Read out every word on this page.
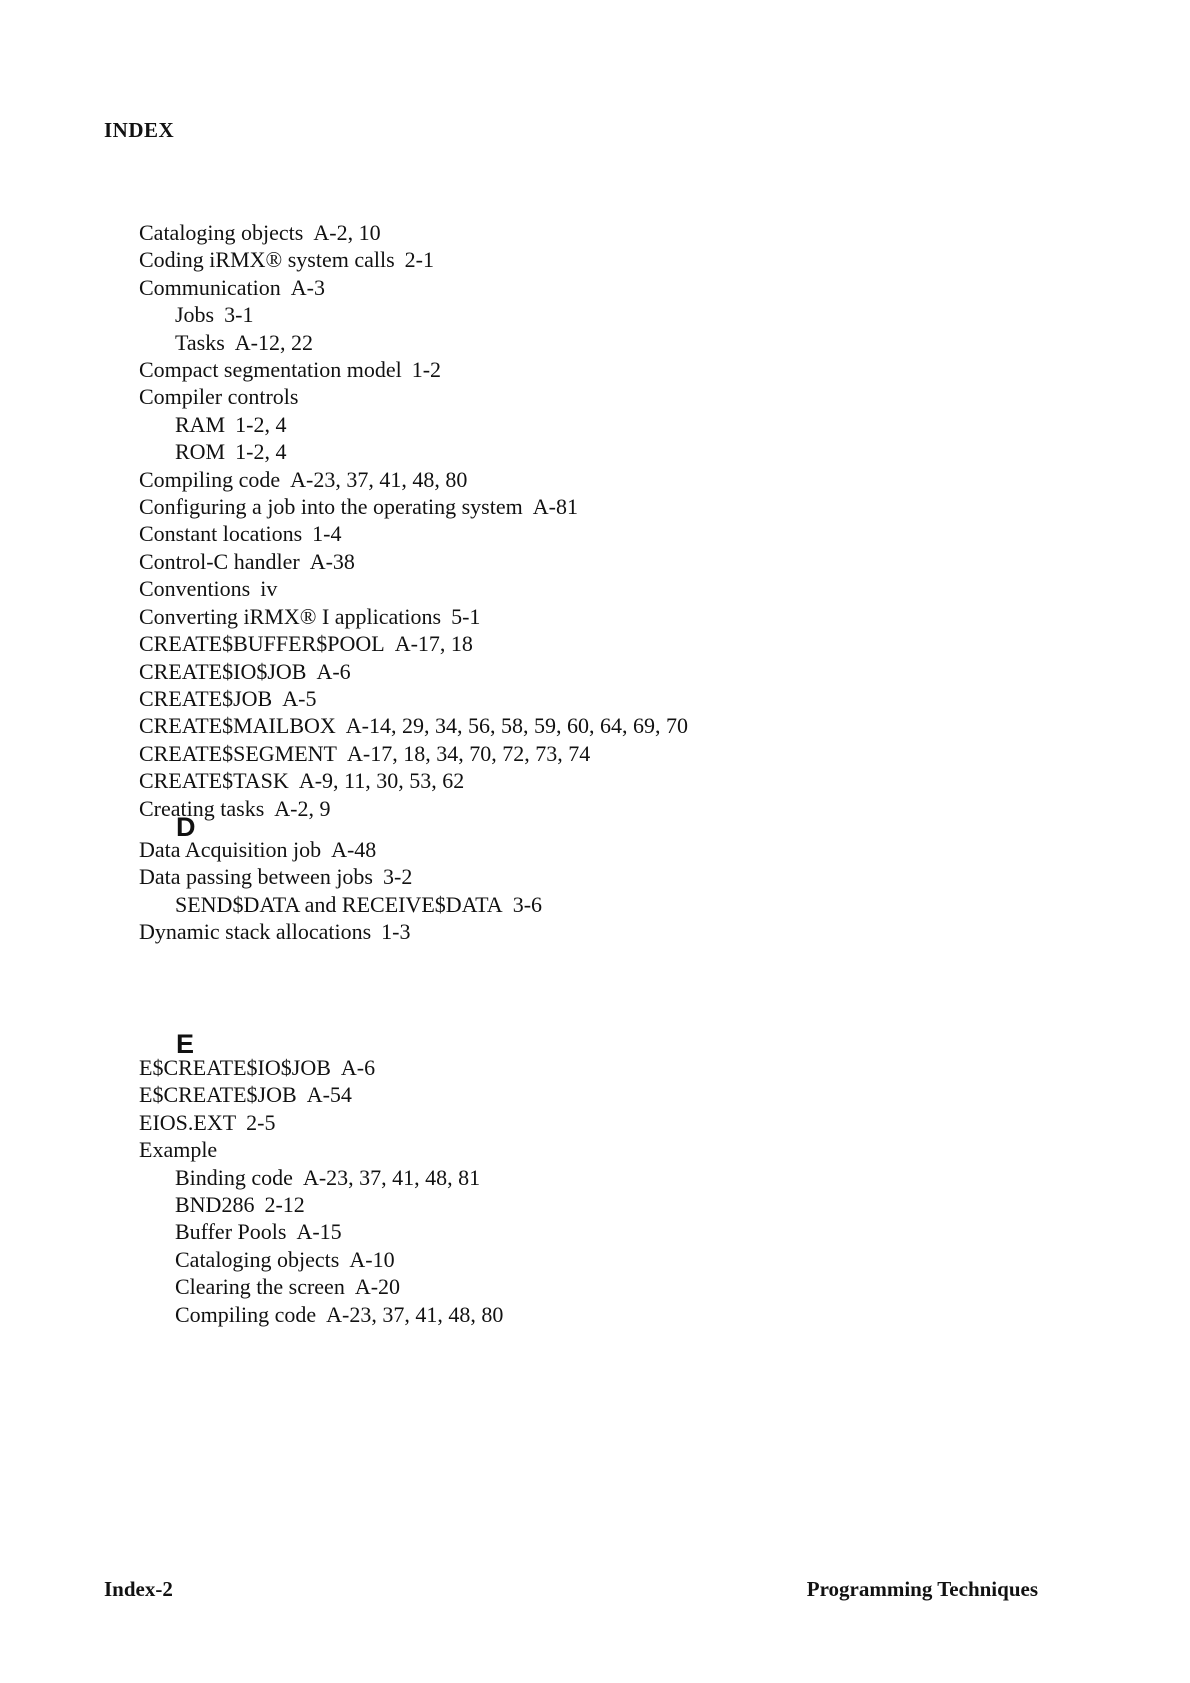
INDEX
Cataloging objects A-2, 10
Coding iRMX® system calls 2-1
Communication A-3
Jobs 3-1
Tasks A-12, 22
Compact segmentation model 1-2
Compiler controls
RAM 1-2, 4
ROM 1-2, 4
Compiling code A-23, 37, 41, 48, 80
Configuring a job into the operating system A-81
Constant locations 1-4
Control-C handler A-38
Conventions iv
Converting iRMX® I applications 5-1
CREATE$BUFFER$POOL A-17, 18
CREATE$IO$JOB A-6
CREATE$JOB A-5
CREATE$MAILBOX A-14, 29, 34, 56, 58, 59, 60, 64, 69, 70
CREATE$SEGMENT A-17, 18, 34, 70, 72, 73, 74
CREATE$TASK A-9, 11, 30, 53, 62
Creating tasks A-2, 9
D
Data Acquisition job A-48
Data passing between jobs 3-2
SEND$DATA and RECEIVE$DATA 3-6
Dynamic stack allocations 1-3
E
E$CREATE$IO$JOB A-6
E$CREATE$JOB A-54
EIOS.EXT 2-5
Example
Binding code A-23, 37, 41, 48, 81
BND286 2-12
Buffer Pools A-15
Cataloging objects A-10
Clearing the screen A-20
Compiling code A-23, 37, 41, 48, 80
Index-2	Programming Techniques
